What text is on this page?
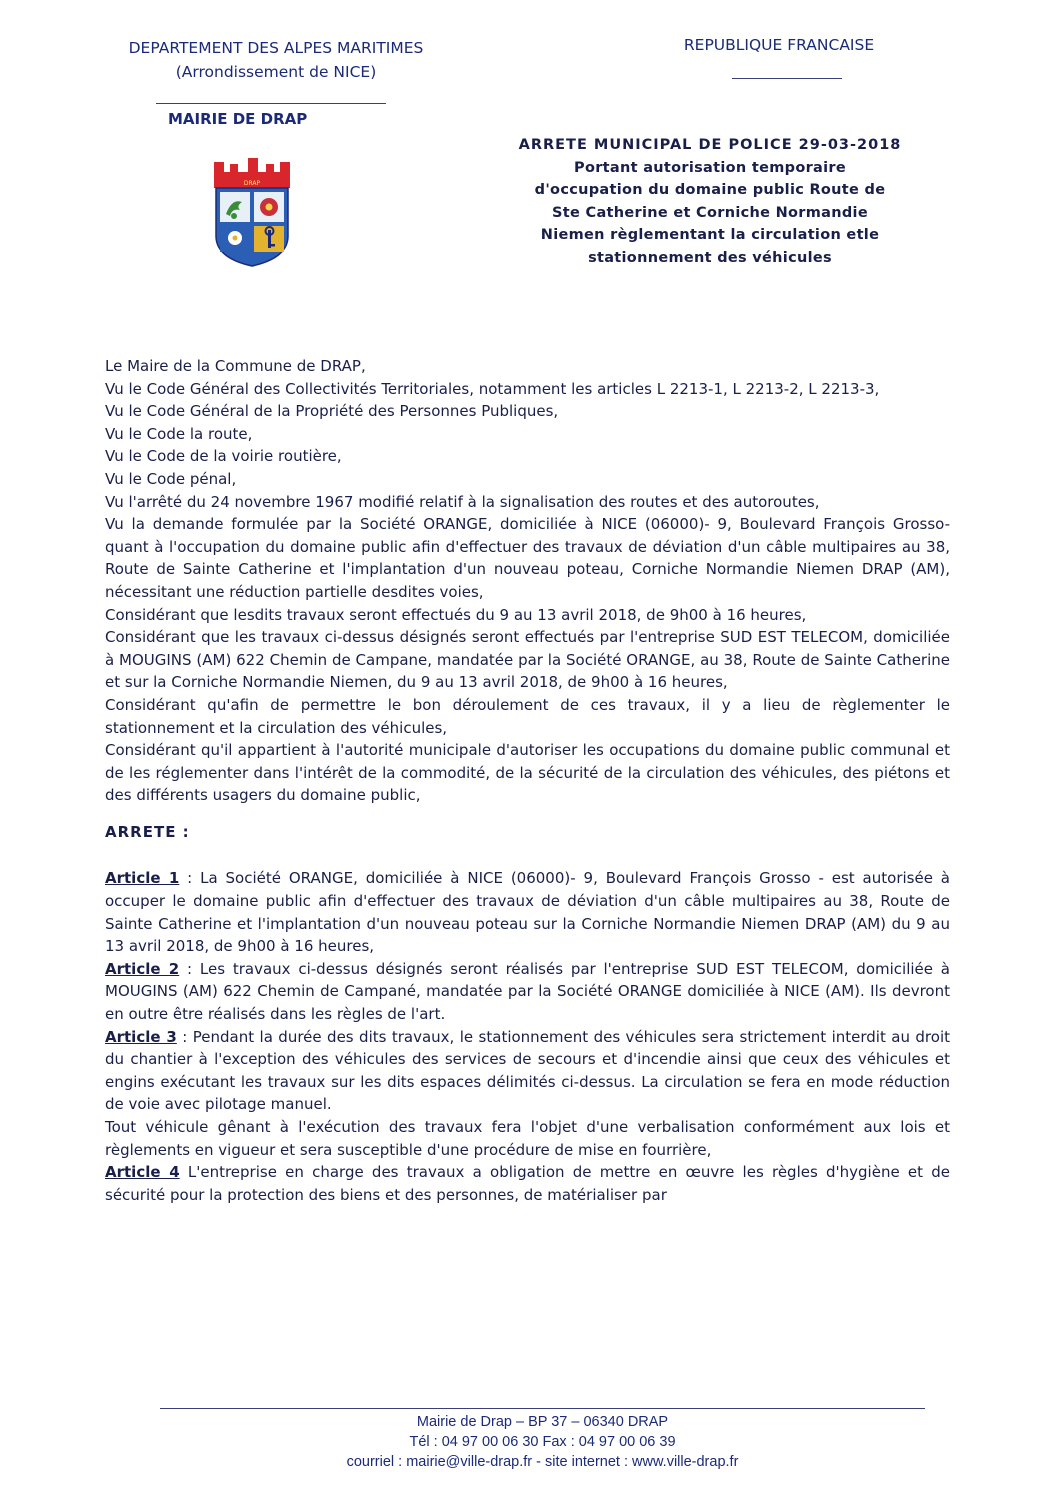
DEPARTEMENT DES ALPES MARITIMES
(Arrondissement de NICE)
MAIRIE DE DRAP
REPUBLIQUE FRANCAISE
DRAP
ARRETE MUNICIPAL DE POLICE 29-03-2018
Portant autorisation temporaire
d'occupation du domaine public Route de
Ste Catherine et Corniche Normandie
Niemen règlementant la circulation etle
stationnement des véhicules

Le Maire de la Commune de DRAP,

Vu le Code Général des Collectivités Territoriales, notamment les articles L 2213-1, L 2213-2, L 2213-3,

Vu le Code Général de la Propriété des Personnes Publiques,

Vu le Code la route,

Vu le Code de la voirie routière,

Vu le Code pénal,

Vu l'arrêté du 24 novembre 1967 modifié relatif à la signalisation des routes et des autoroutes,

Vu la demande formulée par la Société ORANGE, domiciliée à NICE (06000)- 9, Boulevard François Grosso- quant à l'occupation du domaine public afin d'effectuer des travaux de déviation d'un câble multipaires au 38, Route de Sainte Catherine et l'implantation d'un nouveau poteau, Corniche Normandie Niemen DRAP (AM), nécessitant une réduction partielle desdites voies,

Considérant que lesdits travaux seront effectués du 9 au 13 avril 2018, de 9h00 à 16 heures,

Considérant que les travaux ci-dessus désignés seront effectués par l'entreprise SUD EST TELECOM, domiciliée à MOUGINS (AM) 622 Chemin de Campane, mandatée par la Société ORANGE, au 38, Route de Sainte Catherine et sur la Corniche Normandie Niemen, du 9 au 13 avril 2018, de 9h00 à 16 heures,

Considérant qu'afin de permettre le bon déroulement de ces travaux, il y a lieu de règlementer le stationnement et la circulation des véhicules,

Considérant qu'il appartient à l'autorité municipale d'autoriser les occupations du domaine public communal et de les réglementer dans l'intérêt de la commodité, de la sécurité de la circulation des véhicules, des piétons et des différents usagers du domaine public,

ARRETE :

Article 1 : La Société ORANGE, domiciliée à NICE (06000)- 9, Boulevard François Grosso - est autorisée à occuper le domaine public afin d'effectuer des travaux de déviation d'un câble multipaires au 38, Route de Sainte Catherine et l'implantation d'un nouveau poteau sur la Corniche Normandie Niemen DRAP (AM) du 9 au 13 avril 2018, de 9h00 à 16 heures,

Article 2 : Les travaux ci-dessus désignés seront réalisés par l'entreprise SUD EST TELECOM, domiciliée à MOUGINS (AM) 622 Chemin de Campané, mandatée par la Société ORANGE domiciliée à NICE (AM). Ils devront en outre être réalisés dans les règles de l'art.

Article 3 : Pendant la durée des dits travaux, le stationnement des véhicules sera strictement interdit au droit du chantier à l'exception des véhicules des services de secours et d'incendie ainsi que ceux des véhicules et engins exécutant les travaux sur les dits espaces délimités ci-dessus. La circulation se fera en mode réduction de voie avec pilotage manuel.

Tout véhicule gênant à l'exécution des travaux fera l'objet d'une verbalisation conformément aux lois et règlements en vigueur et sera susceptible d'une procédure de mise en fourrière,

Article 4 L'entreprise en charge des travaux a obligation de mettre en œuvre les règles d'hygiène et de sécurité pour la protection des biens et des personnes, de matérialiser par

Mairie de Drap – BP 37 – 06340 DRAP
Tél : 04 97 00 06 30 Fax : 04 97 00 06 39
courriel : mairie@ville-drap.fr - site internet : www.ville-drap.fr
